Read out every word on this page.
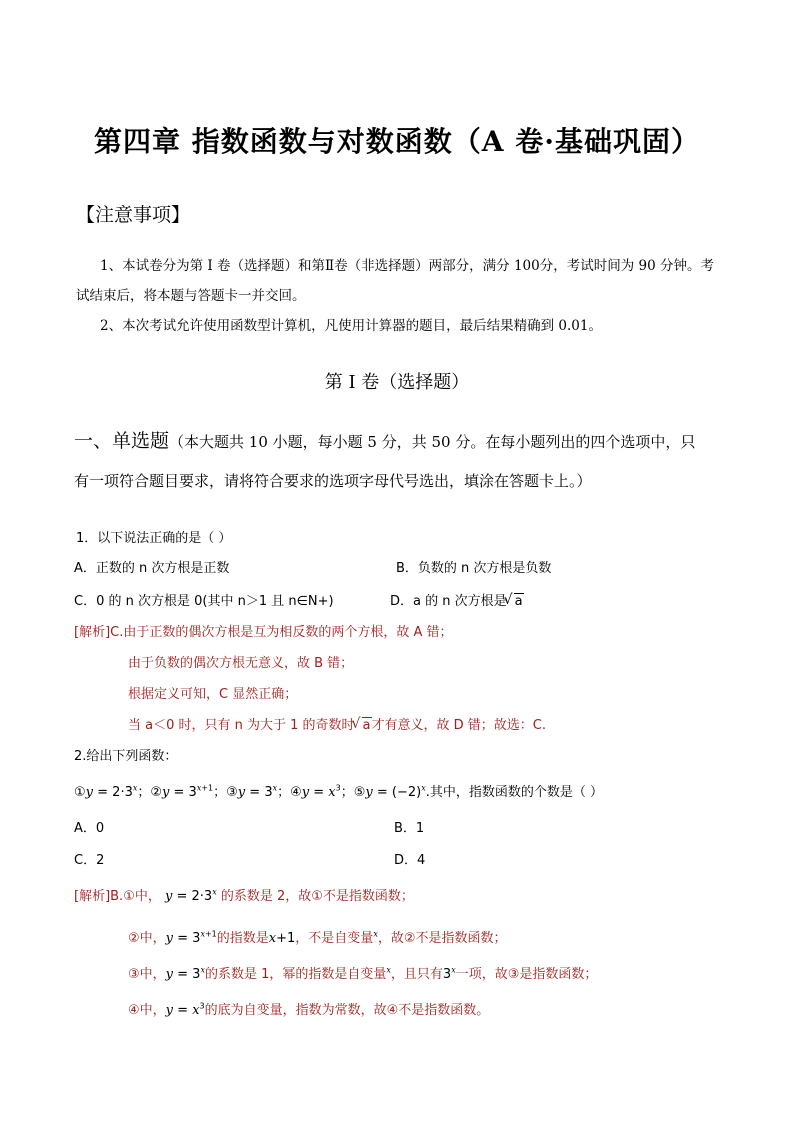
第四章 指数函数与对数函数（A 卷·基础巩固）
【注意事项】
1、本试卷分为第 I 卷（选择题）和第Ⅱ卷（非选择题）两部分，满分 100分，考试时间为 90 分钟。考
试结束后，将本题与答题卡一并交回。
2、本次考试允许使用函数型计算机，凡使用计算器的题目，最后结果精确到 0.01。
第 I 卷（选择题）
一、单选题（本大题共 10 小题，每小题 5 分，共 50 分。在每小题列出的四个选项中，只
有一项符合题目要求，请将符合要求的选项字母代号选出，填涂在答题卡上。）
1．以下说法正确的是（ ）
A．正数的 n 次方根是正数	B．负数的 n 次方根是负数
C．0 的 n 次方根是 0(其中 n＞1 且 n∈N+)	D．a 的 n 次方根是 √ a
[解析]C.由于正数的偶次方根是互为相反数的两个方根，故 A 错；
由于负数的偶次方根无意义，故 B 错；
根据定义可知，C 显然正确；
当 a＜0 时，只有 n 为大于 1 的奇数时 √ a才有意义，故 D 错；故选：C.
2.给出下列函数：
①y = $2\cdot 3^x$；②y = $3^{x+1}$；③y = $3^x$；④y = $x^3$；⑤y = $(-2)^x$.其中，指数函数的个数是（ ）
A．0	B．1
C．2	D．4
[解析]B.①中， $y = 2\cdot 3^x$ 的系数是 2，故①不是指数函数；
②中，$y = 3^{x+1}$的指数是x+1，不是自变量$^x$，故②不是指数函数；
③中，$y = 3^x$的系数是 1，幂的指数是自变量$^x$，且只有3$^x$一项，故③是指数函数；
④中，$y = x^3$的底为自变量，指数为常数，故④不是指数函数。
